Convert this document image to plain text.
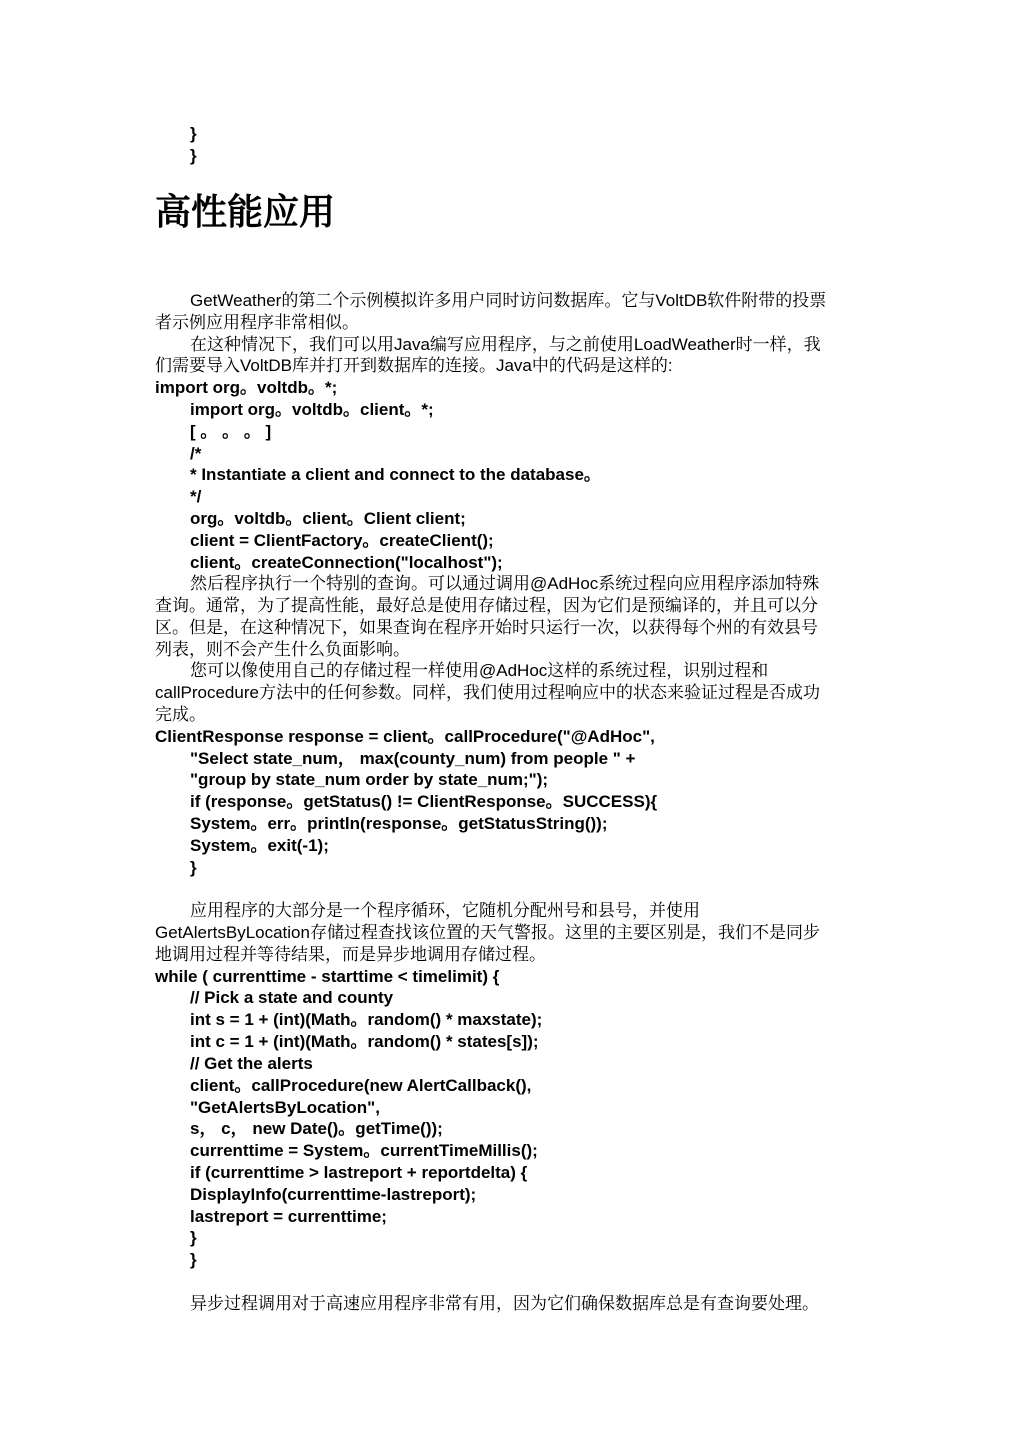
}
}
高性能应用
GetWeather的第二个示例模拟许多用户同时访问数据库。它与VoltDB软件附带的投票
者示例应用程序非常相似。
在这种情况下，我们可以用Java编写应用程序，与之前使用LoadWeather时一样，我
们需要导入VoltDB库并打开到数据库的连接。Java中的代码是这样的:
import org。voltdb。*;
import org。voltdb。client。*;
[ 。 。 。 ]
/*
* Instantiate a client and connect to the database。
*/
org。voltdb。client。Client client;
client = ClientFactory。createClient();
client。createConnection("localhost");
然后程序执行一个特别的查询。可以通过调用@AdHoc系统过程向应用程序添加特殊
查询。通常，为了提高性能，最好总是使用存储过程，因为它们是预编译的，并且可以分
区。但是，在这种情况下，如果查询在程序开始时只运行一次，以获得每个州的有效县号
列表，则不会产生什么负面影响。
您可以像使用自己的存储过程一样使用@AdHoc这样的系统过程，识别过程和
callProcedure方法中的任何参数。同样，我们使用过程响应中的状态来验证过程是否成功
完成。
ClientResponse response = client。callProcedure("@AdHoc",
"Select state_num， max(county_num) from people " +
"group by state_num order by state_num;");
if (response。getStatus() != ClientResponse。SUCCESS){
System。err。println(response。getStatusString());
System。exit(-1);
}
应用程序的大部分是一个程序循环，它随机分配州号和县号，并使用
GetAlertsByLocation存储过程查找该位置的天气警报。这里的主要区别是，我们不是同步
地调用过程并等待结果，而是异步地调用存储过程。
while ( currenttime - starttime < timelimit) {
// Pick a state and county
int s = 1 + (int)(Math。random() * maxstate);
int c = 1 + (int)(Math。random() * states[s]);
// Get the alerts
client。callProcedure(new AlertCallback(),
"GetAlertsByLocation",
s， c， new Date()。getTime());
currenttime = System。currentTimeMillis();
if (currenttime > lastreport + reportdelta) {
DisplayInfo(currenttime-lastreport);
lastreport = currenttime;
}
}
异步过程调用对于高速应用程序非常有用，因为它们确保数据库总是有查询要处理。
